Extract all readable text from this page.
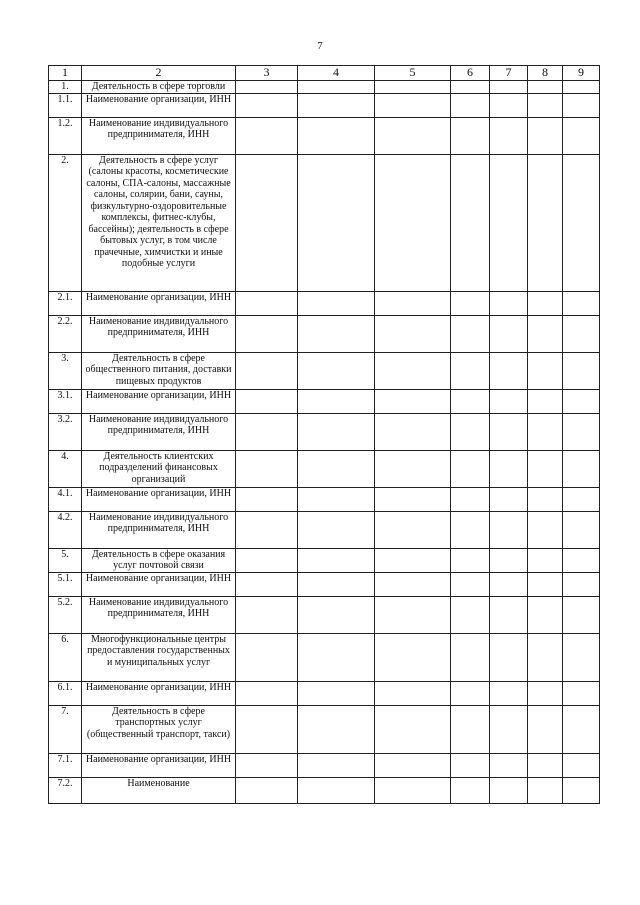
7
1	2	3	4	5	6	7	8	9
1.	Деятельность в сфере торговли							
1.1.	Наименование организации, ИНН							
1.2.	Наименование индивидуального предпринимателя, ИНН							
2.	Деятельность в сфере услуг (салоны красоты, косметические салоны, СПА-салоны, массажные салоны, солярии, бани, сауны, физкультурно-оздоровительные комплексы, фитнес-клубы, бассейны); деятельность в сфере бытовых услуг, в том числе прачечные, химчистки и иные подобные услуги							
2.1.	Наименование организации, ИНН							
2.2.	Наименование индивидуального предпринимателя, ИНН							
3.	Деятельность в сфере общественного питания, доставки пищевых продуктов							
3.1.	Наименование организации, ИНН							
3.2.	Наименование индивидуального предпринимателя, ИНН							
4.	Деятельность клиентских подразделений финансовых организаций							
4.1.	Наименование организации, ИНН							
4.2.	Наименование индивидуального предпринимателя, ИНН							
5.	Деятельность в сфере оказания услуг почтовой связи							
5.1.	Наименование организации, ИНН							
5.2.	Наименование индивидуального предпринимателя, ИНН							
6.	Многофункциональные центры предоставления государственных и муниципальных услуг							
6.1.	Наименование организации, ИНН							
7.	Деятельность в сфере транспортных услуг (общественный транспорт, такси)							
7.1.	Наименование организации, ИНН							
7.2.	Наименование							
